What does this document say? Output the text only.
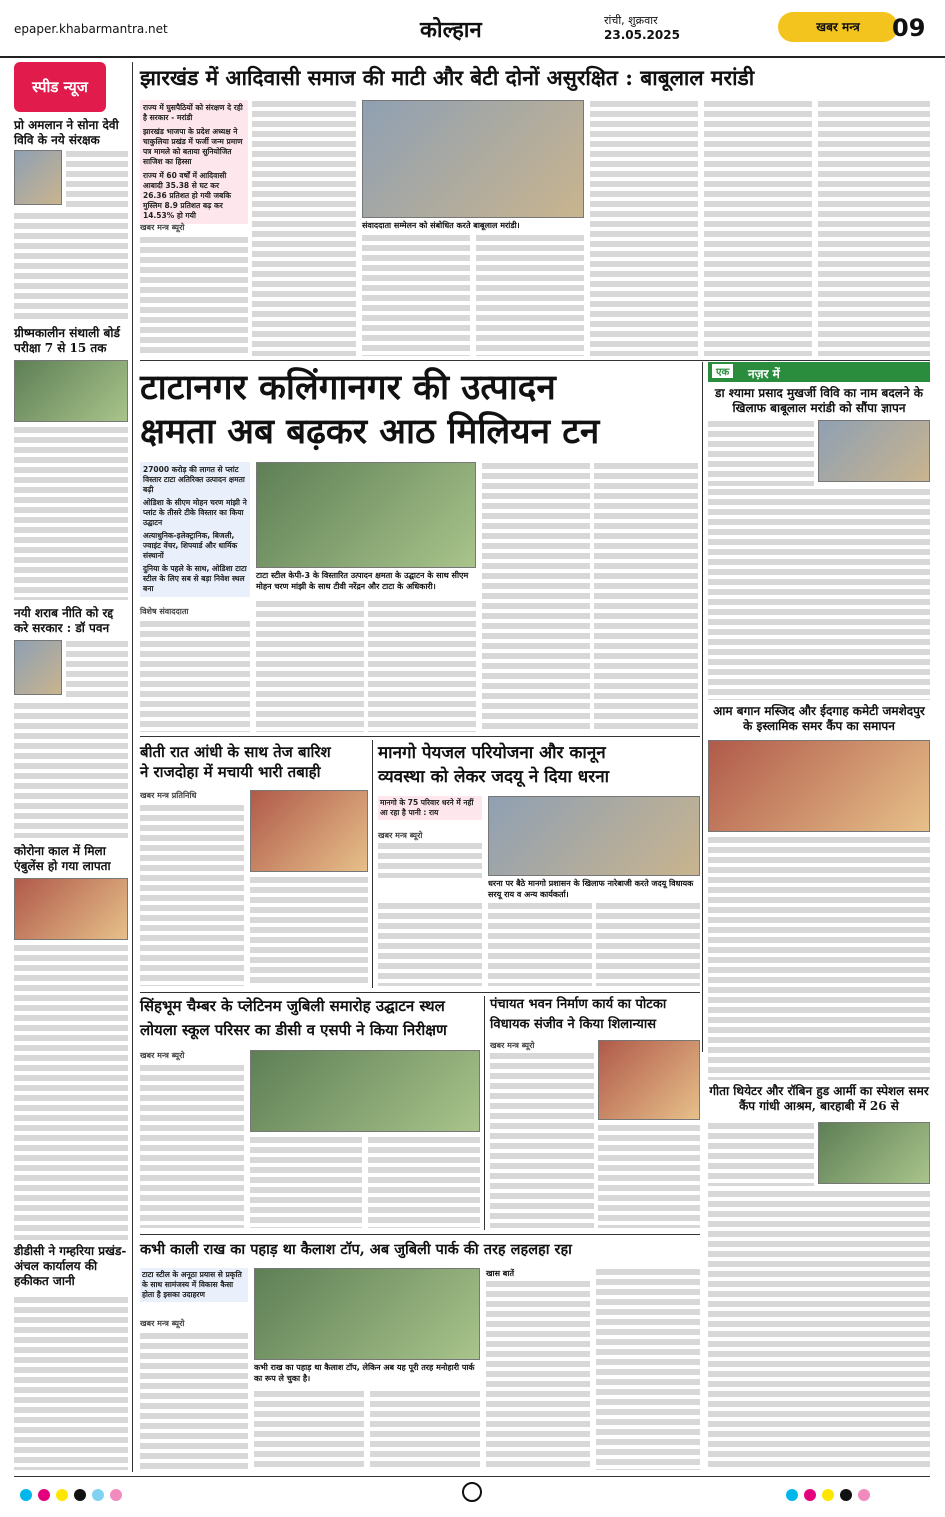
epaper.khabarmantra.net	कोल्हान	रांची, शुक्रवार
23.05.2025
खबर मन्त्र	09
स्पीड न्यूज
प्रो अमलान ने सोना देवी विवि के नये संरक्षक
ग्रीष्मकालीन संथाली बोर्ड परीक्षा 7 से 15 तक
नयी शराब नीति को रद्द करे सरकार : डॉ पवन
कोरोना काल में मिला एंबुलेंस हो गया लापता
डीडीसी ने गम्हरिया प्रखंड-अंचल कार्यालय की हकीकत जानी
झारखंड में आदिवासी समाज की माटी और बेटी दोनों असुरक्षित : बाबूलाल मरांडी
राज्य में घुसपैठियों को संरक्षण दे रही है सरकार - मरांडी
झारखंड भाजपा के प्रदेश अध्यक्ष ने चाकुलिया प्रखंड में फर्जी जन्म प्रमाण पत्र मामले को बताया सुनियोजित साजिश का हिस्सा
राज्य में 60 वर्षों में आदिवासी आबादी 35.38 से घट कर 26.36 प्रतिशत हो गयी जबकि मुस्लिम 8.9 प्रतिशत बढ़ कर 14.53% हो गयी
खबर मन्त्र ब्यूरो	संवाददाता सम्मेलन को संबोधित करते बाबूलाल मरांडी।
टाटानगर कलिंगानगर की उत्पादन
क्षमता अब बढ़कर आठ मिलियन टन
27000 करोड़ की लागत से प्लांट विस्तार टाटा अतिरिक्त उत्पादन क्षमता बढ़ी
ओडिशा के सीएम मोहन चरण मांझी ने प्लांट के तीसरे टीके विस्तार का किया उद्घाटन
अत्याधुनिक-इलेक्ट्रानिक, बिजली, ज्वाइंट वेंचर, शिपयार्ड और धार्मिक संस्थानों
दुनिया के पहले के साथ, ओडिशा टाटा स्टील के लिए सब से बड़ा निवेश स्थल बना
टाटा स्टील केपी-3 के विस्तारित उत्पादन क्षमता के उद्घाटन के साथ सीएम मोहन चरण मांझी के साथ टीवी नरेंद्रन और टाटा के अधिकारी।
विशेष संवाददाता
एक	नज़र में
डा श्यामा प्रसाद मुखर्जी विवि का नाम बदलने के खिलाफ बाबूलाल मरांडी को सौंपा ज्ञापन
आम बगान मस्जिद और ईदगाह कमेटी जमशेदपुर के इस्लामिक समर कैंप का समापन
गीता थियेटर और रॉबिन हुड आर्मी का स्पेशल समर कैंप गांधी आश्रम, बारहाबी में 26 से
बीती रात आंधी के साथ तेज बारिश
ने राजदोहा में मचायी भारी तबाही
खबर मन्त्र प्रतिनिधि
मानगो पेयजल परियोजना और कानून
व्यवस्था को लेकर जदयू ने दिया धरना
मानगो के 75 परिवार धरने में नहीं आ रहा है पानी : राय
खबर मन्त्र ब्यूरो
धरना पर बैठे मानगो प्रशासन के खिलाफ नारेबाजी करते जदयू विधायक सरयू राय व अन्य कार्यकर्ता।
सिंहभूम चैम्बर के प्लेटिनम जुबिली समारोह उद्घाटन स्थल
लोयला स्कूल परिसर का डीसी व एसपी ने किया निरीक्षण
खबर मन्त्र ब्यूरो
पंचायत भवन निर्माण कार्य का पोटका
विधायक संजीव ने किया शिलान्यास
खबर मन्त्र ब्यूरो
कभी काली राख का पहाड़ था कैलाश टॉप, अब जुबिली पार्क की तरह लहलहा रहा
टाटा स्टील के अनूठा प्रयास से प्रकृति के साथ सामंजस्य में विकास कैसा होता है इसका उदाहरण
खबर मन्त्र ब्यूरो
कभी राख का पहाड़ था कैलाश टॉप, लेकिन अब यह पूरी तरह मनोहारी पार्क का रूप ले चुका है।
खास बातें
